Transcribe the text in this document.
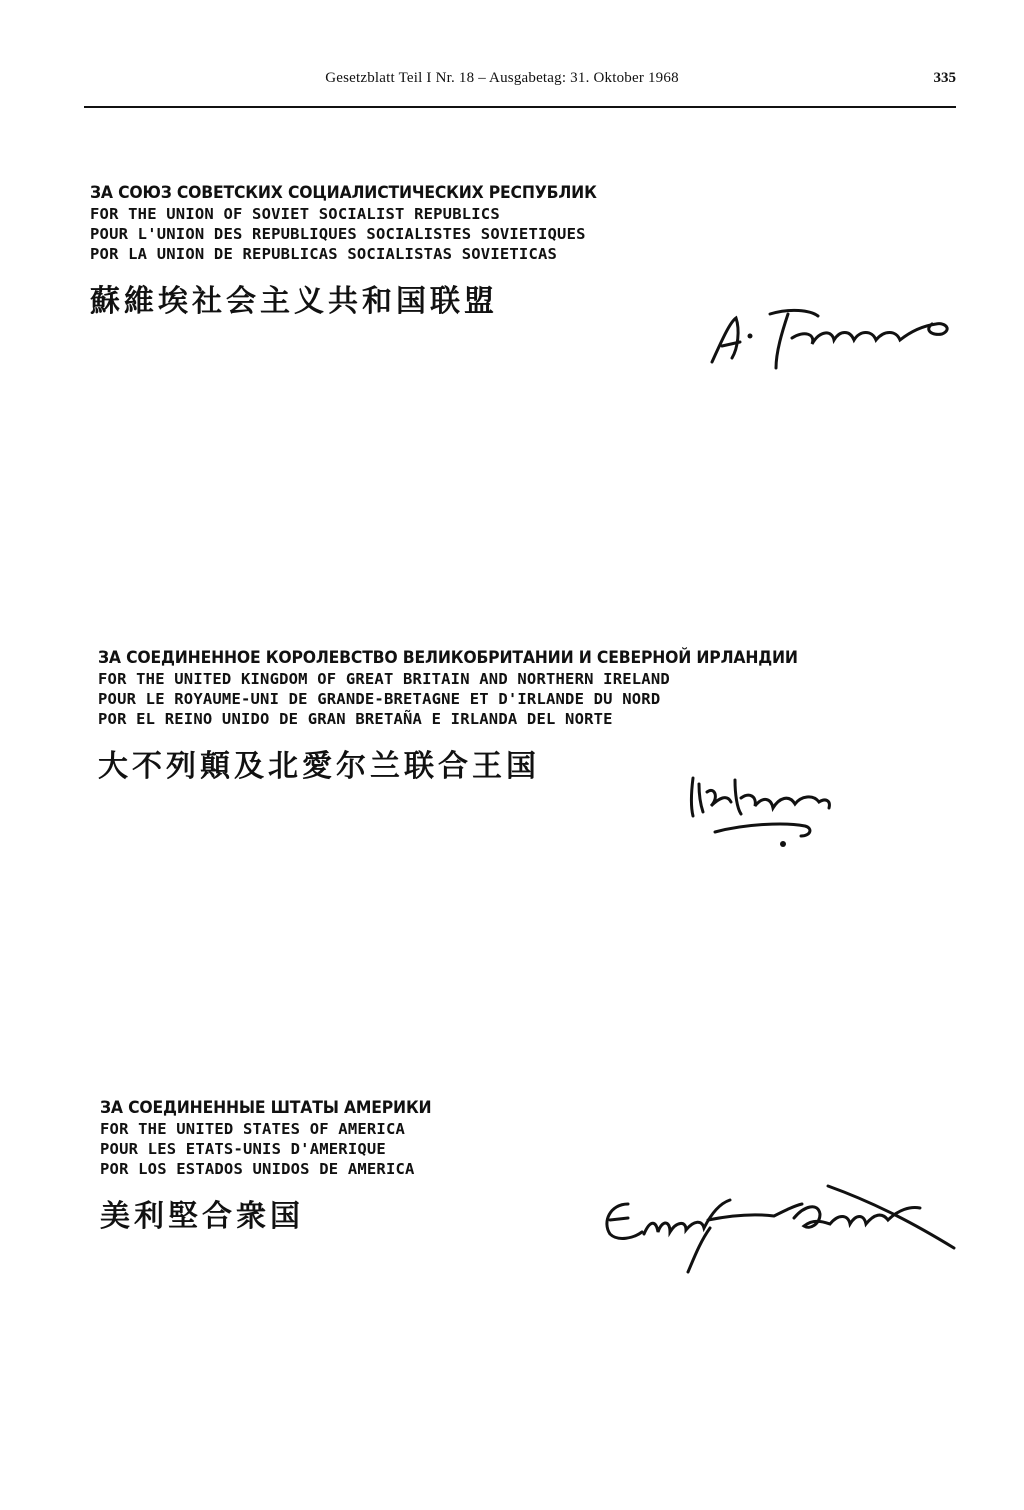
Gesetzblatt Teil I Nr. 18 – Ausgabetag: 31. Oktober 1968	335
ЗА СОЮЗ СОВЕТСКИХ СОЦИАЛИСТИЧЕСКИХ РЕСПУБЛИК
FOR THE UNION OF SOVIET SOCIALIST REPUBLICS
POUR L'UNION DES REPUBLIQUES SOCIALISTES SOVIETIQUES
POR LA UNION DE REPUBLICAS SOCIALISTAS SOVIETICAS
蘇維埃社会主义共和国联盟
ЗА СОЕДИНЕННОЕ КОРОЛЕВСТВО ВЕЛИКОБРИТАНИИ И СЕВЕРНОЙ ИРЛАНДИИ
FOR THE UNITED KINGDOM OF GREAT BRITAIN AND NORTHERN IRELAND
POUR LE ROYAUME-UNI DE GRANDE-BRETAGNE ET D'IRLANDE DU NORD
POR EL REINO UNIDO DE GRAN BRETAÑA E IRLANDA DEL NORTE
大不列顛及北愛尔兰联合王国
ЗА СОЕДИНЕННЫЕ ШТАТЫ АМЕРИКИ
FOR THE UNITED STATES OF AMERICA
POUR LES ETATS-UNIS D'AMERIQUE
POR LOS ESTADOS UNIDOS DE AMERICA
美利堅合衆国
